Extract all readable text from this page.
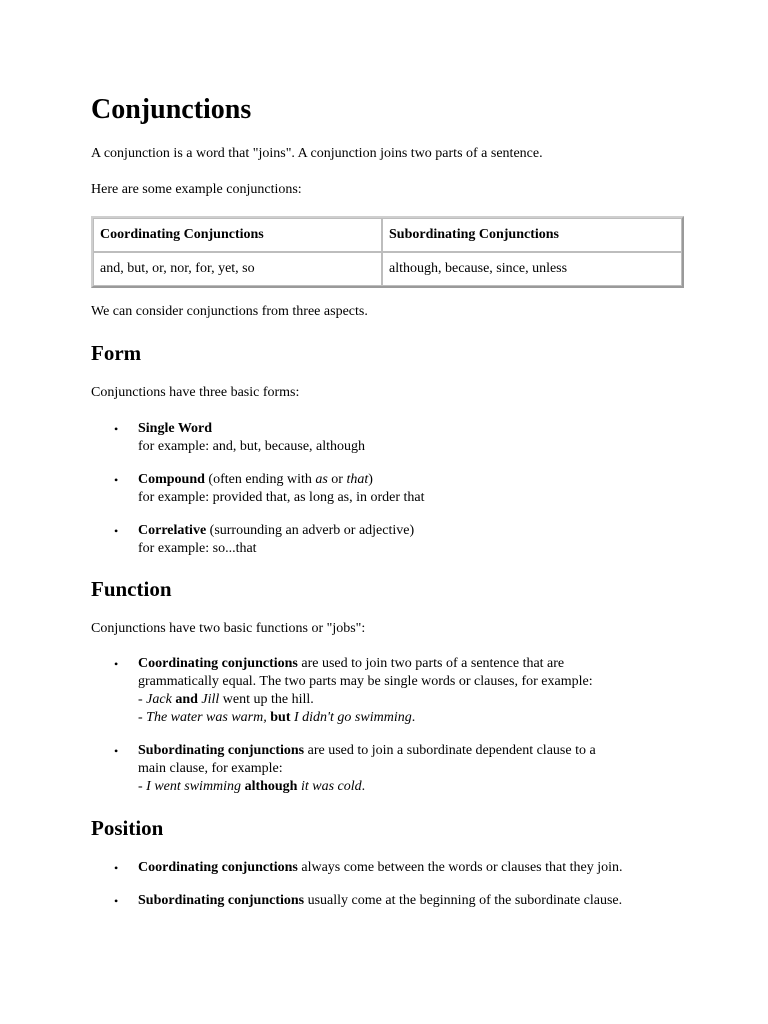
Conjunctions

A conjunction is a word that "joins". A conjunction joins two parts of a sentence.

Here are some example conjunctions:

Coordinating Conjunctions	Subordinating Conjunctions
and, but, or, nor, for, yet, so	although, because, since, unless

We can consider conjunctions from three aspects.

Form

Conjunctions have three basic forms:

• Single Word
for example: and, but, because, although
• Compound (often ending with as or that)
for example: provided that, as long as, in order that
• Correlative (surrounding an adverb or adjective)
for example: so...that
Function

Conjunctions have two basic functions or "jobs":

• Coordinating conjunctions are used to join two parts of a sentence that are
grammatically equal. The two parts may be single words or clauses, for example:
- Jack and Jill went up the hill.
- The water was warm, but I didn't go swimming.
• Subordinating conjunctions are used to join a subordinate dependent clause to a
main clause, for example:
- I went swimming although it was cold.
Position
• Coordinating conjunctions always come between the words or clauses that they join.
• Subordinating conjunctions usually come at the beginning of the subordinate clause.
